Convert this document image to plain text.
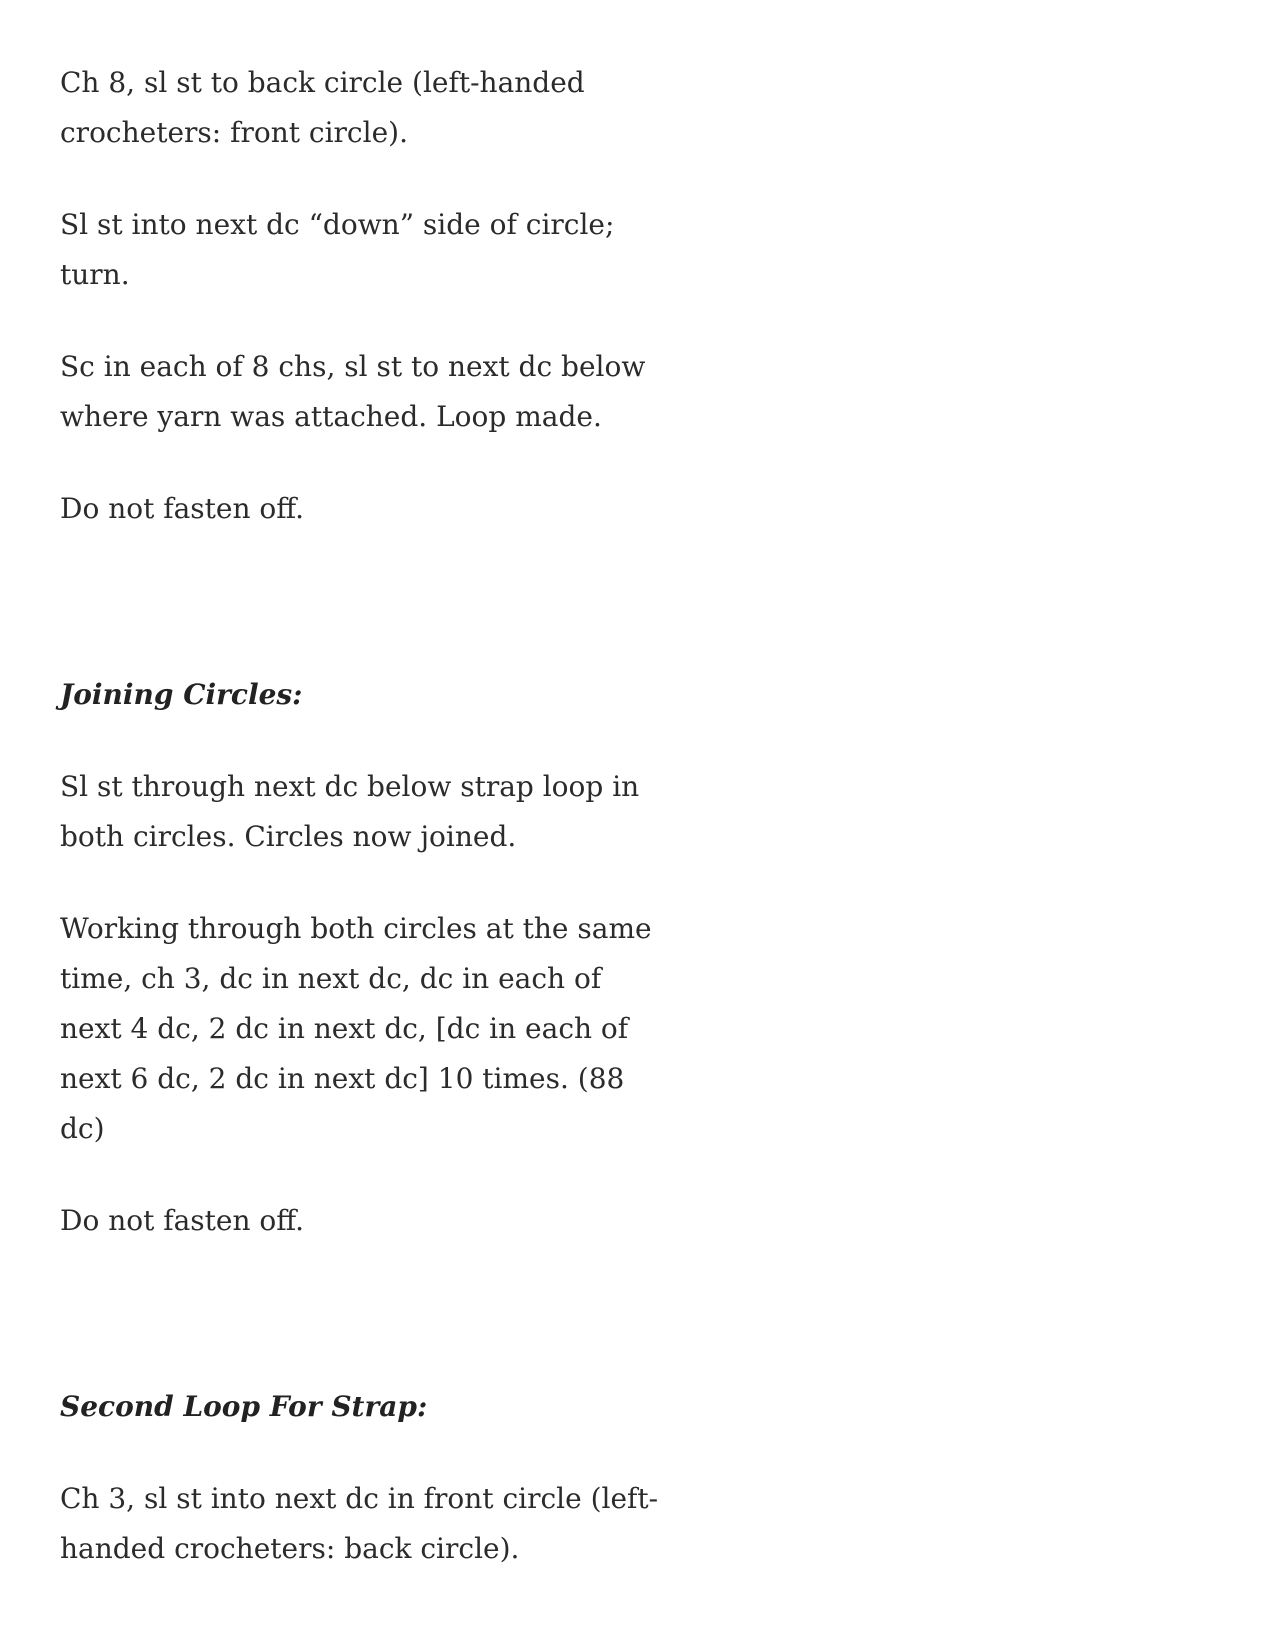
Ch 8, sl st to back circle (left-handed crocheters: front circle).

Sl st into next dc “down” side of circle; turn.

Sc in each of 8 chs, sl st to next dc below where yarn was attached. Loop made.

Do not fasten off.

Joining Circles:

Sl st through next dc below strap loop in both circles. Circles now joined.

Working through both circles at the same time, ch 3, dc in next dc, dc in each of next 4 dc, 2 dc in next dc, [dc in each of next 6 dc, 2 dc in next dc] 10 times. (88 dc)

Do not fasten off.

Second Loop For Strap:

Ch 3, sl st into next dc in front circle (left-handed crocheters: back circle).
